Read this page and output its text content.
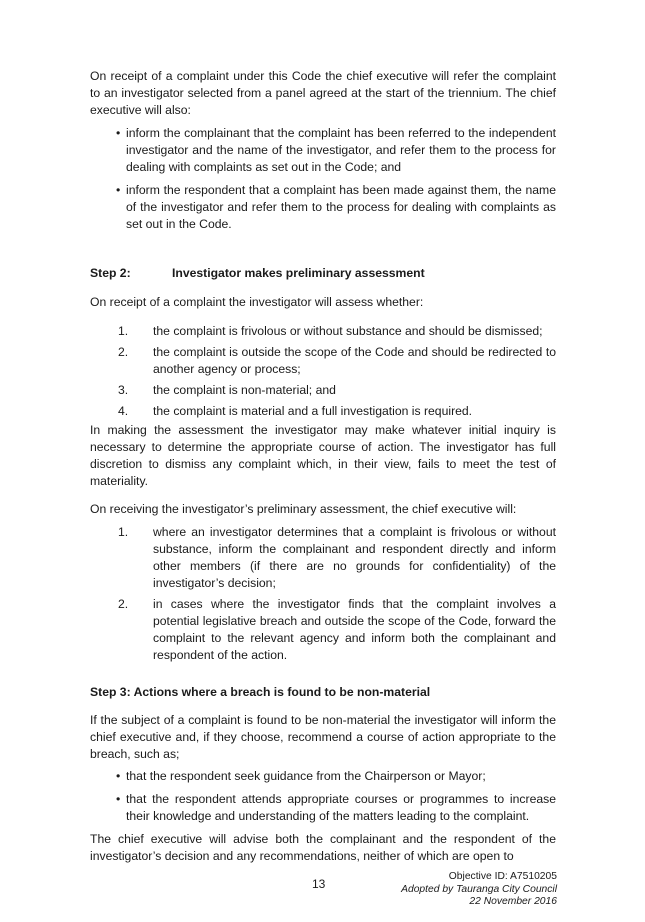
On receipt of a complaint under this Code the chief executive will refer the complaint to an investigator selected from a panel agreed at the start of the triennium. The chief executive will also:

• inform the complainant that the complaint has been referred to the independent investigator and the name of the investigator, and refer them to the process for dealing with complaints as set out in the Code; and
• inform the respondent that a complaint has been made against them, the name of the investigator and refer them to the process for dealing with complaints as set out in the Code.
Step 2:	Investigator makes preliminary assessment

On receipt of a complaint the investigator will assess whether:

1. the complaint is frivolous or without substance and should be dismissed;
2. the complaint is outside the scope of the Code and should be redirected to another agency or process;
3. the complaint is non-material; and
4. the complaint is material and a full investigation is required.

In making the assessment the investigator may make whatever initial inquiry is necessary to determine the appropriate course of action. The investigator has full discretion to dismiss any complaint which, in their view, fails to meet the test of materiality.

On receiving the investigator’s preliminary assessment, the chief executive will:

1. where an investigator determines that a complaint is frivolous or without substance, inform the complainant and respondent directly and inform other members (if there are no grounds for confidentiality) of the investigator’s decision;
2. in cases where the investigator finds that the complaint involves a potential legislative breach and outside the scope of the Code, forward the complaint to the relevant agency and inform both the complainant and respondent of the action.
Step 3: Actions where a breach is found to be non-material

If the subject of a complaint is found to be non-material the investigator will inform the chief executive and, if they choose, recommend a course of action appropriate to the breach, such as;

• that the respondent seek guidance from the Chairperson or Mayor;
• that the respondent attends appropriate courses or programmes to increase their knowledge and understanding of the matters leading to the complaint.

The chief executive will advise both the complainant and the respondent of the investigator’s decision and any recommendations, neither of which are open to

13
Objective ID: A7510205
Adopted by Tauranga City Council
22 November 2016
